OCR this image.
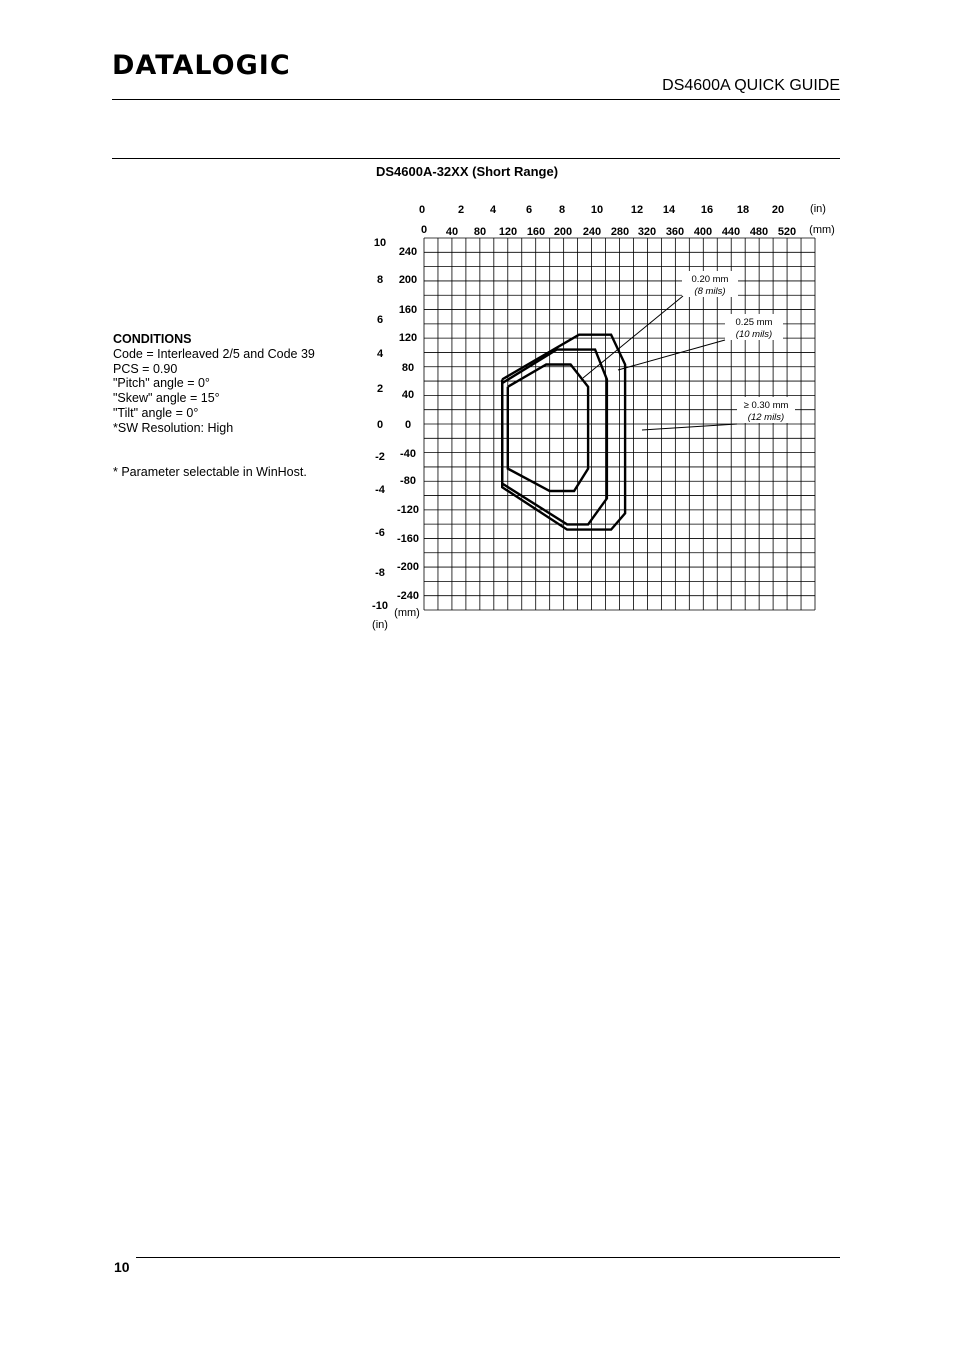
DATALOGIC
DS4600A QUICK GUIDE
DS4600A-32XX (Short Range)
CONDITIONS
Code = Interleaved 2/5 and Code 39
PCS = 0.90
"Pitch" angle = 0°
"Skew" angle = 15°
"Tilt" angle = 0°
*SW Resolution: High
* Parameter selectable in WinHost.
0	2 4	6 8 10	12 14 16 18 20 (in)
0 40 80 120 160 200 240 280 320 360 400 440 480 520 (mm)
10
8
6
4
2
0
-2
-4
-6
-8
-10
(in)
240
200
160
120
80
40
0
-40
-80
-120
-160
-200
-240
(mm)
0.20 mm
(8 mils)
0.25 mm
(10 mils)
≥ 0.30 mm
(12 mils)
10
